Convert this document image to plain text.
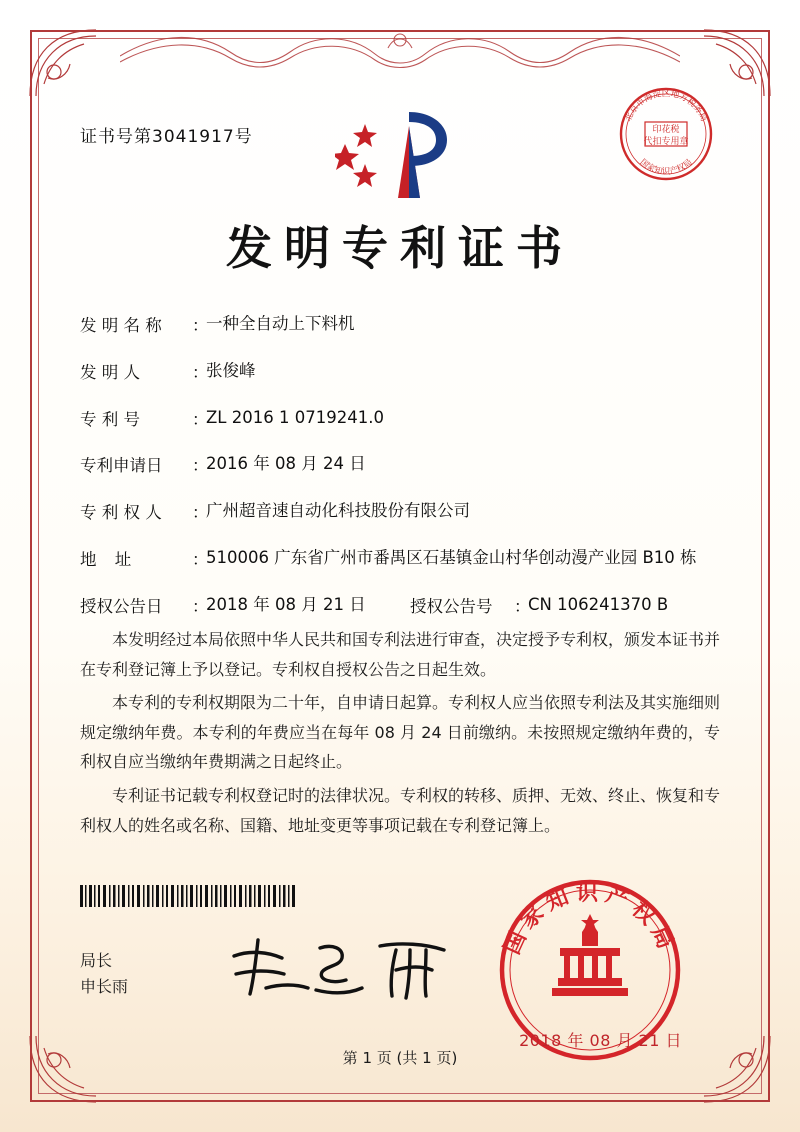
证书号第3041917号	印花税
代扣专用章
北京市海淀区地方税务局
国家知识产权局
发明专利证书
发 明 名 称	：
一种全自动上下料机
发 明 人	：
张俊峰
专 利 号	：
ZL 2016 1 0719241.0
专利申请日	：
2016 年 08 月 24 日
专 利 权 人	：
广州超音速自动化科技股份有限公司
地 址	：
510006 广东省广州市番禺区石基镇金山村华创动漫产业园 B10 栋
授权公告日	：
2018 年 08 月 21 日	授权公告号	：
CN 106241370 B

本发明经过本局依照中华人民共和国专利法进行审查，决定授予专利权，颁发本证书并在专利登记簿上予以登记。专利权自授权公告之日起生效。

本专利的专利权期限为二十年，自申请日起算。专利权人应当依照专利法及其实施细则规定缴纳年费。本专利的年费应当在每年 08 月 24 日前缴纳。未按照规定缴纳年费的，专利权自应当缴纳年费期满之日起终止。

专利证书记载专利权登记时的法律状况。专利权的转移、质押、无效、终止、恢复和专利权人的姓名或名称、国籍、地址变更等事项记载在专利登记簿上。

局长
申长雨
国家知识产权局
2018 年 08 月 21 日
第 1 页 (共 1 页)
